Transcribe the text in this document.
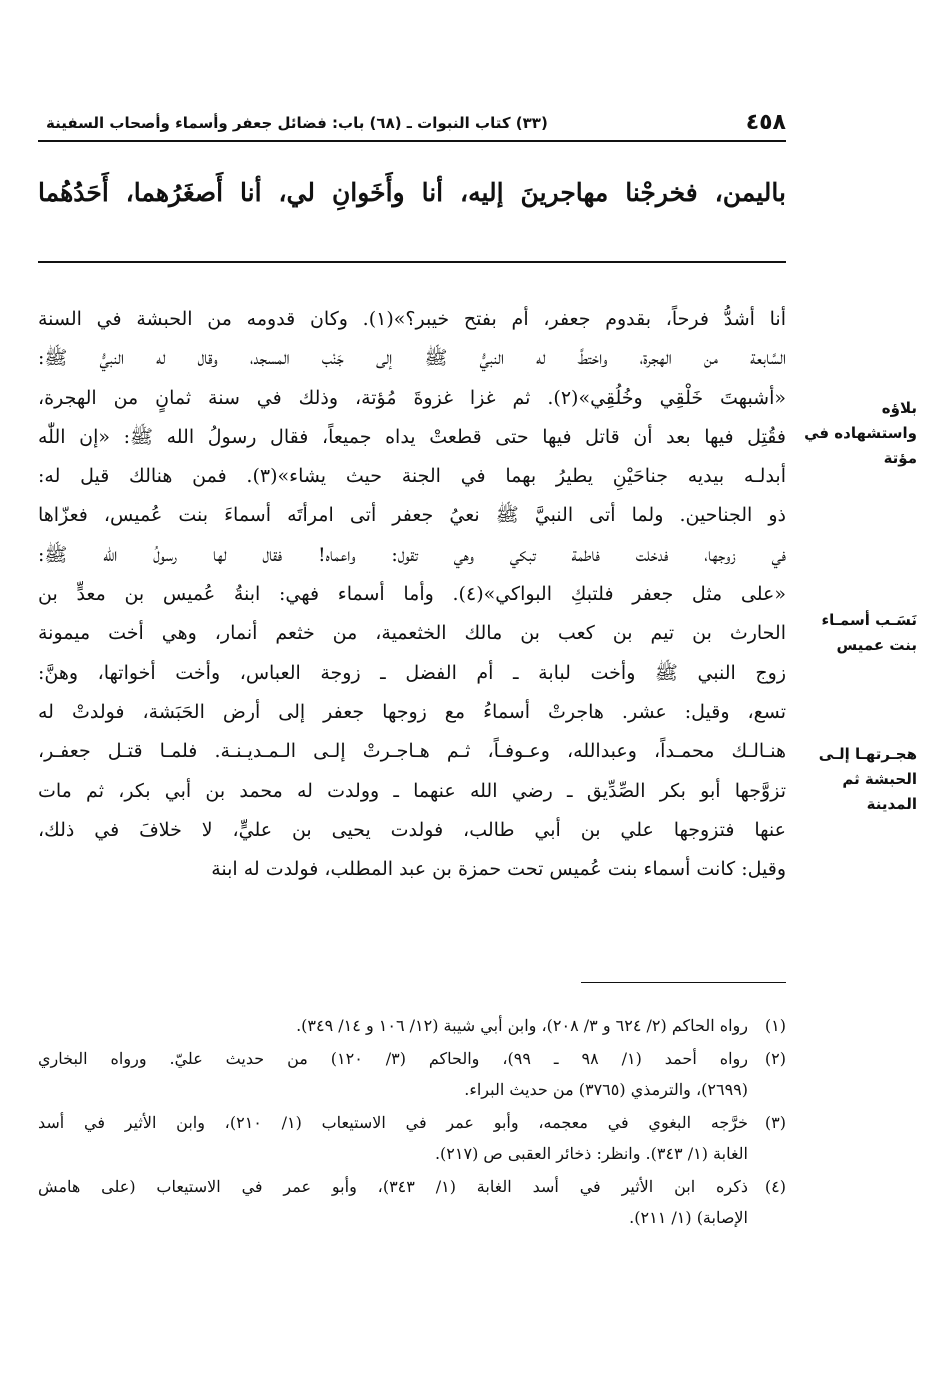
٤٥٨
(٣٣) كتاب النبوات ـ (٦٨) باب: فضائل جعفر وأسماء وأصحاب السفينة
باليمن، فخرجْنا مهاجرينَ إليه، أنا وأَخَوانِ لي، أنا أَصغَرُهما، أَحَدُهُما
أنا أشدُّ فرحاً، بقدوم جعفر، أم بفتح خيبر؟»(١). وكان قدومه من الحبشة في السنة
السَّابعة من الهجرة، واختطَّ له النبيُّ ﷺ إلى جَنْب المسجد، وقال له النبيُّ ﷺ:
«أشبهتَ خَلْقِي وخُلُقِي»(٢). ثم غزا غزوةَ مُؤتة، وذلك في سنة ثمانٍ من الهجرة،
فقُتِل فيها بعد أن قاتل فيها حتى قطعتْ يداه جميعاً، فقال رسولُ الله ﷺ: «إن اللّٰه
أبدلـه بيديه جناحَيْنِ يطيرُ بهما في الجنة حيث يشاء»(٣). فمن هنالك قيل له:
ذو الجناحين. ولما أتى النبيَّ ﷺ نعيُ جعفر أتى امرأتَه أسماءَ بنت عُميس، فعزّاها
في زوجها، فدخلت فاطمة تبكي وهي تقول: واعماه! فقال لها رسولُ الله ﷺ:
«على مثل جعفر فلتبكِ البواكي»(٤). وأما أسماء فهي: ابنةُ عُميس بن معدٍّ بن
الحارث بن تيم بن كعب بن مالك الخثعمية، من خثعم أنمار، وهي أخت ميمونة
زوج النبي ﷺ وأخت لبابة ـ أم الفضل ـ زوجة العباس، وأخت أخواتها، وهنَّ:
تسع، وقيل: عشر. هاجرتْ أسماءُ مع زوجها جعفر إلى أرض الحَبَشة، فولدتْ له
هنـالـك محمـداً، وعبدالله، وعـوفـاً، ثـم هـاجـرتْ إلـى الـمـديـنـة. فلمـا قتـل جعفـر،
تزوَّجها أبو بكر الصِّدِّيق ـ رضي الله عنهما ـ وولدت له محمد بن أبي بكر، ثم مات
عنها فتزوجها علي بن أبي طالب، فولدت يحيى بن عليٍّ، لا خلافَ في ذلك،
وقيل: كانت أسماء بنت عُميس تحت حمزة بن عبد المطلب، فولدت له ابنة
بلاؤه
واستشهاده في
مؤتة
نَسَـب أسمـاء
بنت عميس
هجـرتهـا إلـى
الحبشة ثم
المدينة
(١)
رواه الحاكم (٢/ ٦٢٤ و ٣/ ٢٠٨)، وابن أبي شيبة (١٢/ ١٠٦ و ١٤/ ٣٤٩).
(٢)
رواه أحمد (١/ ٩٨ ـ ٩٩)، والحاكم (٣/ ١٢٠) من حديث عليّ. ورواه البخاري
(٢٦٩٩)، والترمذي (٣٧٦٥) من حديث البراء.
(٣)
خرَّجه البغوي في معجمه، وأبو عمر في الاستيعاب (١/ ٢١٠)، وابن الأثير في أسد
الغابة (١/ ٣٤٣). وانظر: ذخائر العقبى ص (٢١٧).
(٤)
ذكره ابن الأثير في أسد الغابة (١/ ٣٤٣)، وأبو عمر في الاستيعاب (على هامش
الإصابة) (١/ ٢١١).
